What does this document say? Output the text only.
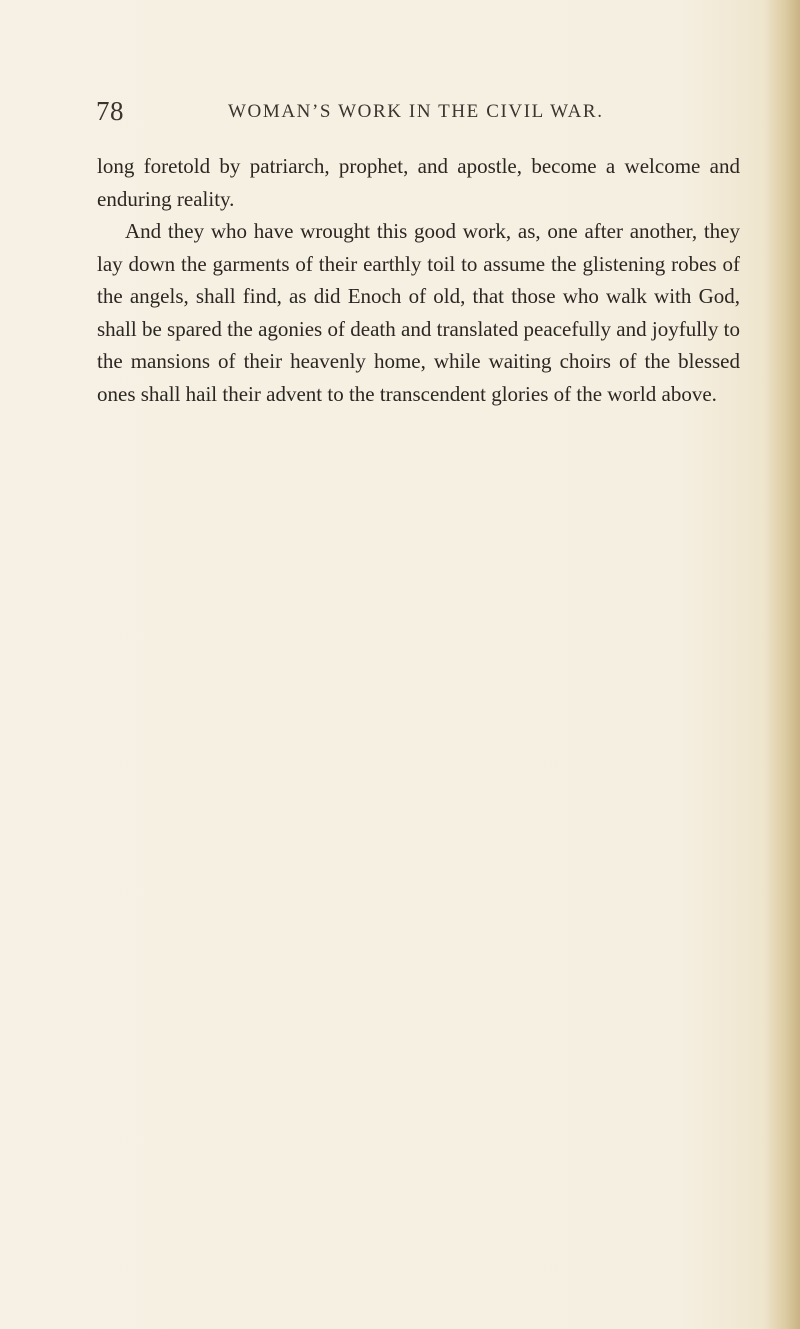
78	WOMAN’S WORK IN THE CIVIL WAR.

long foretold by patriarch, prophet, and apostle, become a welcome and enduring reality.

And they who have wrought this good work, as, one after another, they lay down the garments of their earthly toil to assume the glistening robes of the angels, shall find, as did Enoch of old, that those who walk with God, shall be spared the agonies of death and translated peacefully and joyfully to the mansions of their heavenly home, while waiting choirs of the blessed ones shall hail their advent to the transcendent glories of the world above.
